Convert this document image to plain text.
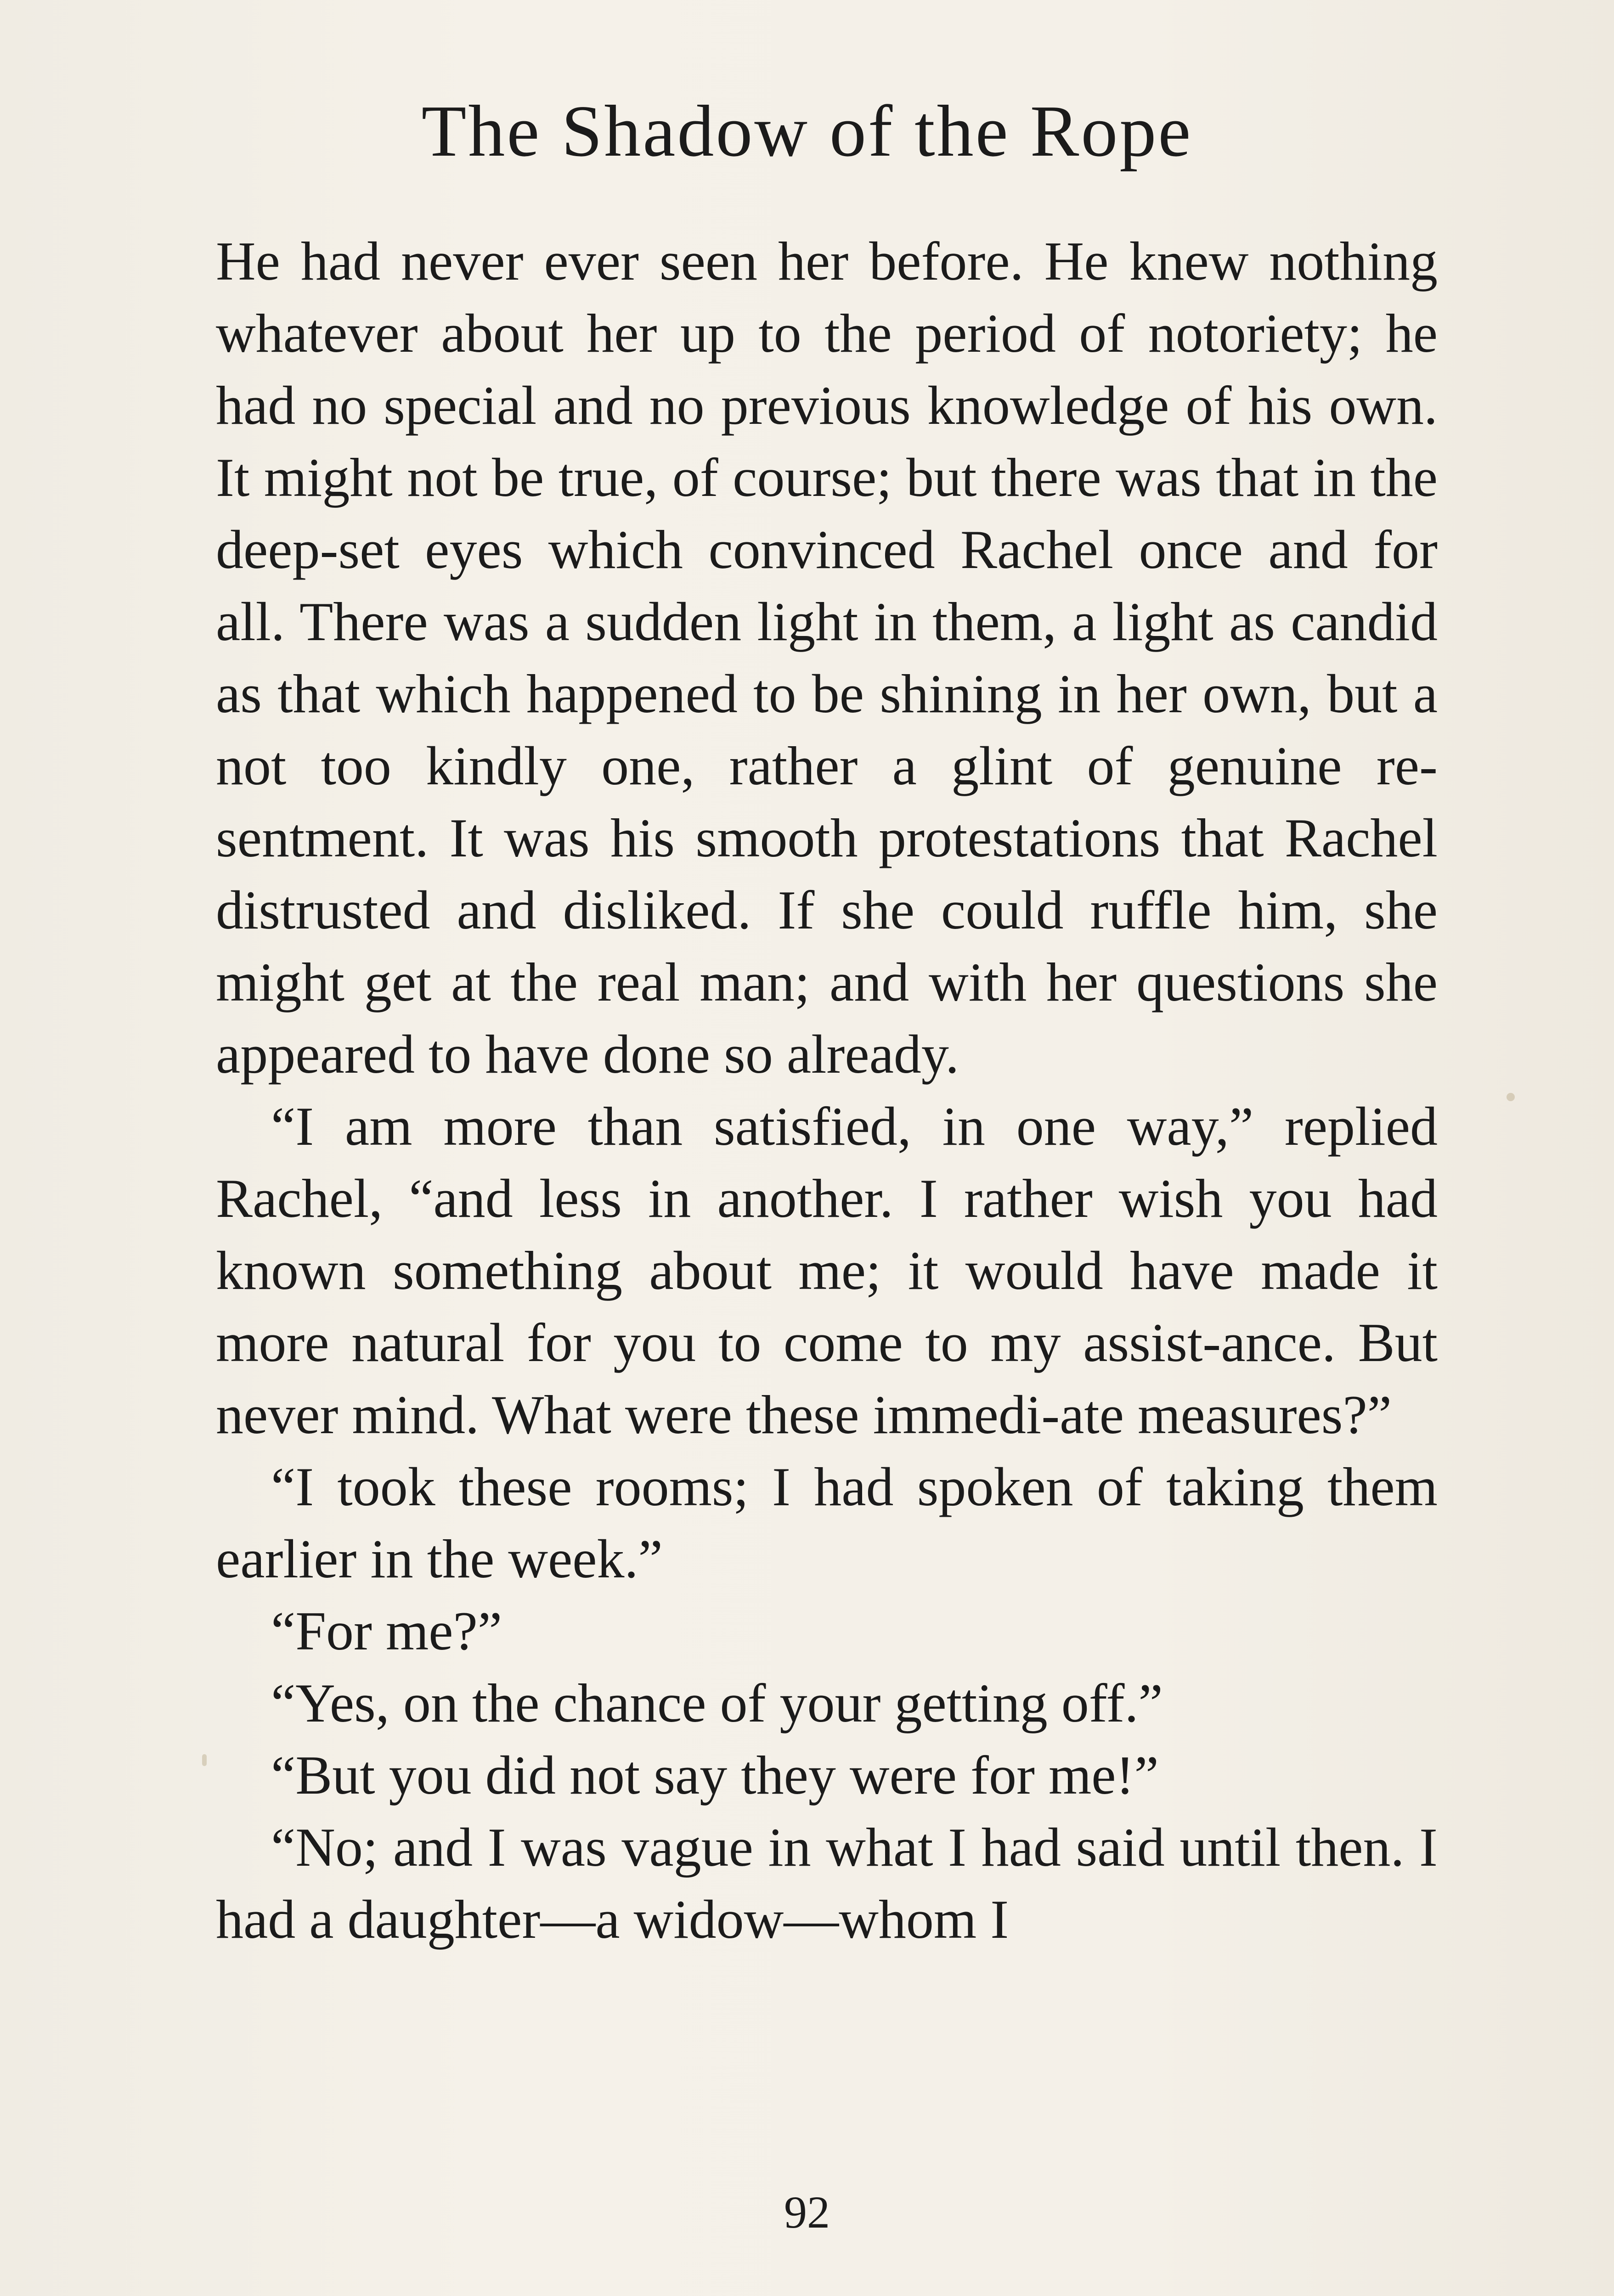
The Shadow of the Rope

He had never ever seen her before. He knew nothing whatever about her up to the period of notoriety; he had no special and no previous knowledge of his own. It might not be true, of course; but there was that in the deep-set eyes which convinced Rachel once and for all. There was a sudden light in them, a light as candid as that which happened to be shining in her own, but a not too kindly one, rather a glint of genuine re-sentment. It was his smooth protestations that Rachel distrusted and disliked. If she could ruffle him, she might get at the real man; and with her questions she appeared to have done so already.

“I am more than satisfied, in one way,” replied Rachel, “and less in another. I rather wish you had known something about me; it would have made it more natural for you to come to my assist-ance. But never mind. What were these immedi-ate measures?”

“I took these rooms; I had spoken of taking them earlier in the week.”

“For me?”

“Yes, on the chance of your getting off.”

“But you did not say they were for me!”

“No; and I was vague in what I had said until then. I had a daughter—a widow—whom I

92
